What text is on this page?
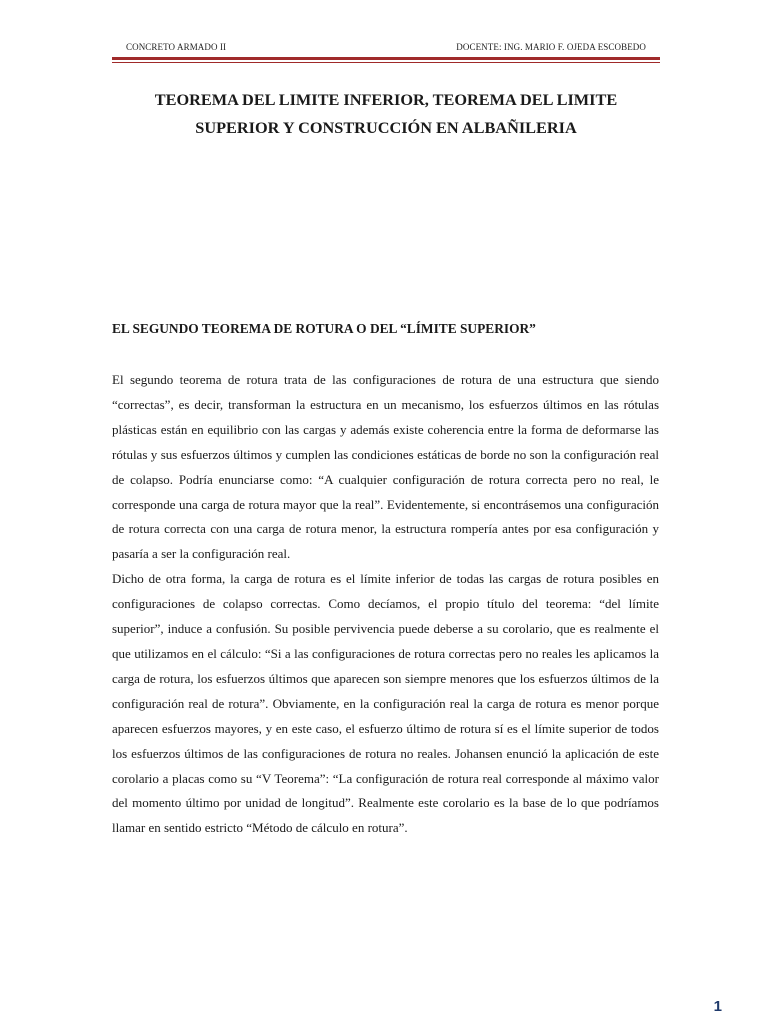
CONCRETO ARMADO II	DOCENTE: ING. MARIO F. OJEDA ESCOBEDO
TEOREMA DEL LIMITE INFERIOR, TEOREMA DEL LIMITE
SUPERIOR Y CONSTRUCCIÓN EN ALBAÑILERIA
EL SEGUNDO TEOREMA DE ROTURA O DEL “LÍMITE SUPERIOR”

El segundo teorema de rotura trata de las configuraciones de rotura de una estructura que siendo “correctas”, es decir, transforman la estructura en un mecanismo, los esfuerzos últimos en las rótulas plásticas están en equilibrio con las cargas y además existe coherencia entre la forma de deformarse las rótulas y sus esfuerzos últimos y cumplen las condiciones estáticas de borde no son la configuración real de colapso. Podría enunciarse como: “A cualquier configuración de rotura correcta pero no real, le corresponde una carga de rotura mayor que la real”. Evidentemente, si encontrásemos una configuración de rotura correcta con una carga de rotura menor, la estructura rompería antes por esa configuración y pasaría a ser la configuración real.

Dicho de otra forma, la carga de rotura es el límite inferior de todas las cargas de rotura posibles en configuraciones de colapso correctas. Como decíamos, el propio título del teorema: “del límite superior”, induce a confusión. Su posible pervivencia puede deberse a su corolario, que es realmente el que utilizamos en el cálculo: “Si a las configuraciones de rotura correctas pero no reales les aplicamos la carga de rotura, los esfuerzos últimos que aparecen son siempre menores que los esfuerzos últimos de la configuración real de rotura”. Obviamente, en la configuración real la carga de rotura es menor porque aparecen esfuerzos mayores, y en este caso, el esfuerzo último de rotura sí es el límite superior de todos los esfuerzos últimos de las configuraciones de rotura no reales. Johansen enunció la aplicación de este corolario a placas como su “V Teorema”: “La configuración de rotura real corresponde al máximo valor del momento último por unidad de longitud”. Realmente este corolario es la base de lo que podríamos llamar en sentido estricto “Método de cálculo en rotura”.

1
